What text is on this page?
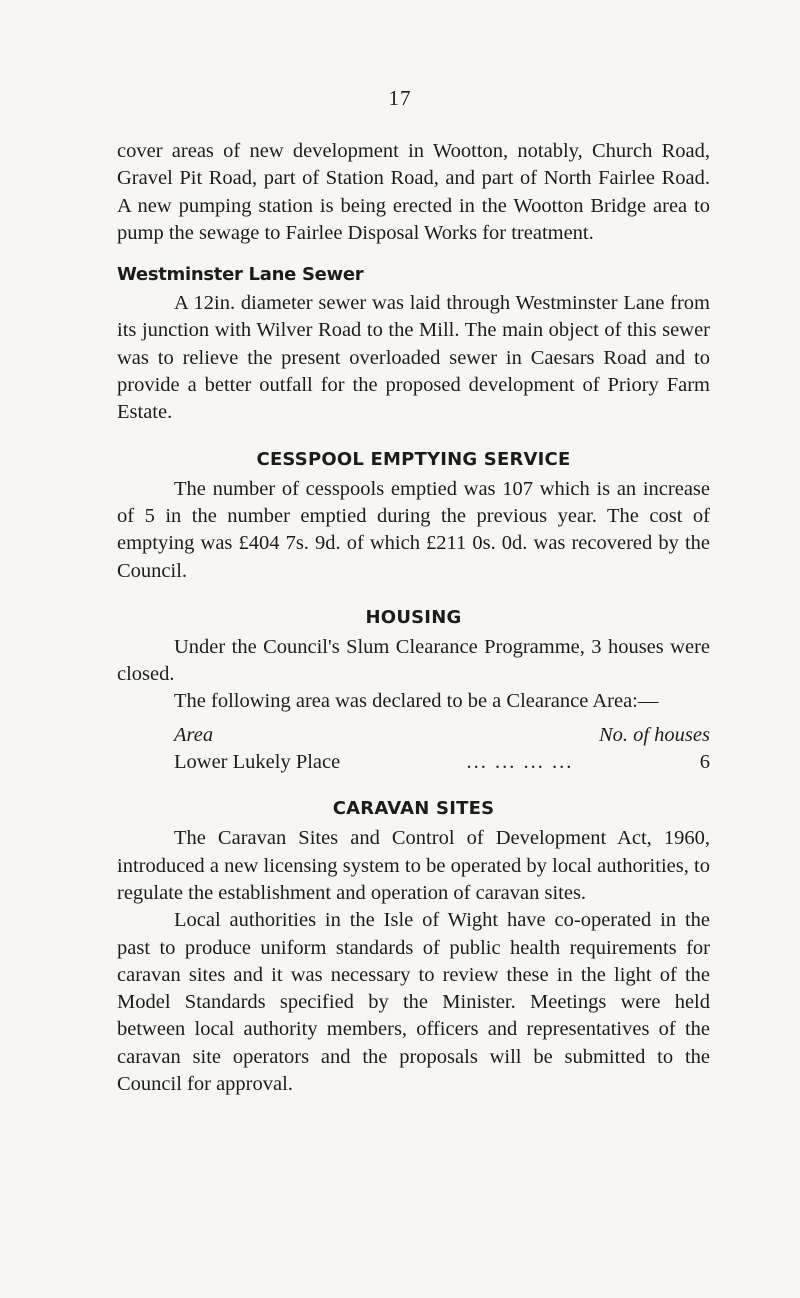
17

cover areas of new development in Wootton, notably, Church Road, Gravel Pit Road, part of Station Road, and part of North Fairlee Road. A new pumping station is being erected in the Wootton Bridge area to pump the sewage to Fairlee Disposal Works for treatment.

Westminster Lane Sewer

A 12in. diameter sewer was laid through Westminster Lane from its junction with Wilver Road to the Mill. The main object of this sewer was to relieve the present overloaded sewer in Caesars Road and to provide a better outfall for the proposed development of Priory Farm Estate.

CESSPOOL EMPTYING SERVICE

The number of cesspools emptied was 107 which is an increase of 5 in the number emptied during the previous year. The cost of emptying was £404 7s. 9d. of which £211 0s. 0d. was recovered by the Council.

HOUSING

Under the Council's Slum Clearance Programme, 3 houses were closed.

The following area was declared to be a Clearance Area:—

Area	No. of houses
Lower Lukely Place	... ... ... ...	6
CARAVAN SITES

The Caravan Sites and Control of Development Act, 1960, introduced a new licensing system to be operated by local authorities, to regulate the establishment and operation of caravan sites.

Local authorities in the Isle of Wight have co-operated in the past to produce uniform standards of public health requirements for caravan sites and it was necessary to review these in the light of the Model Standards specified by the Minister. Meetings were held between local authority members, officers and representatives of the caravan site operators and the proposals will be submitted to the Council for approval.
